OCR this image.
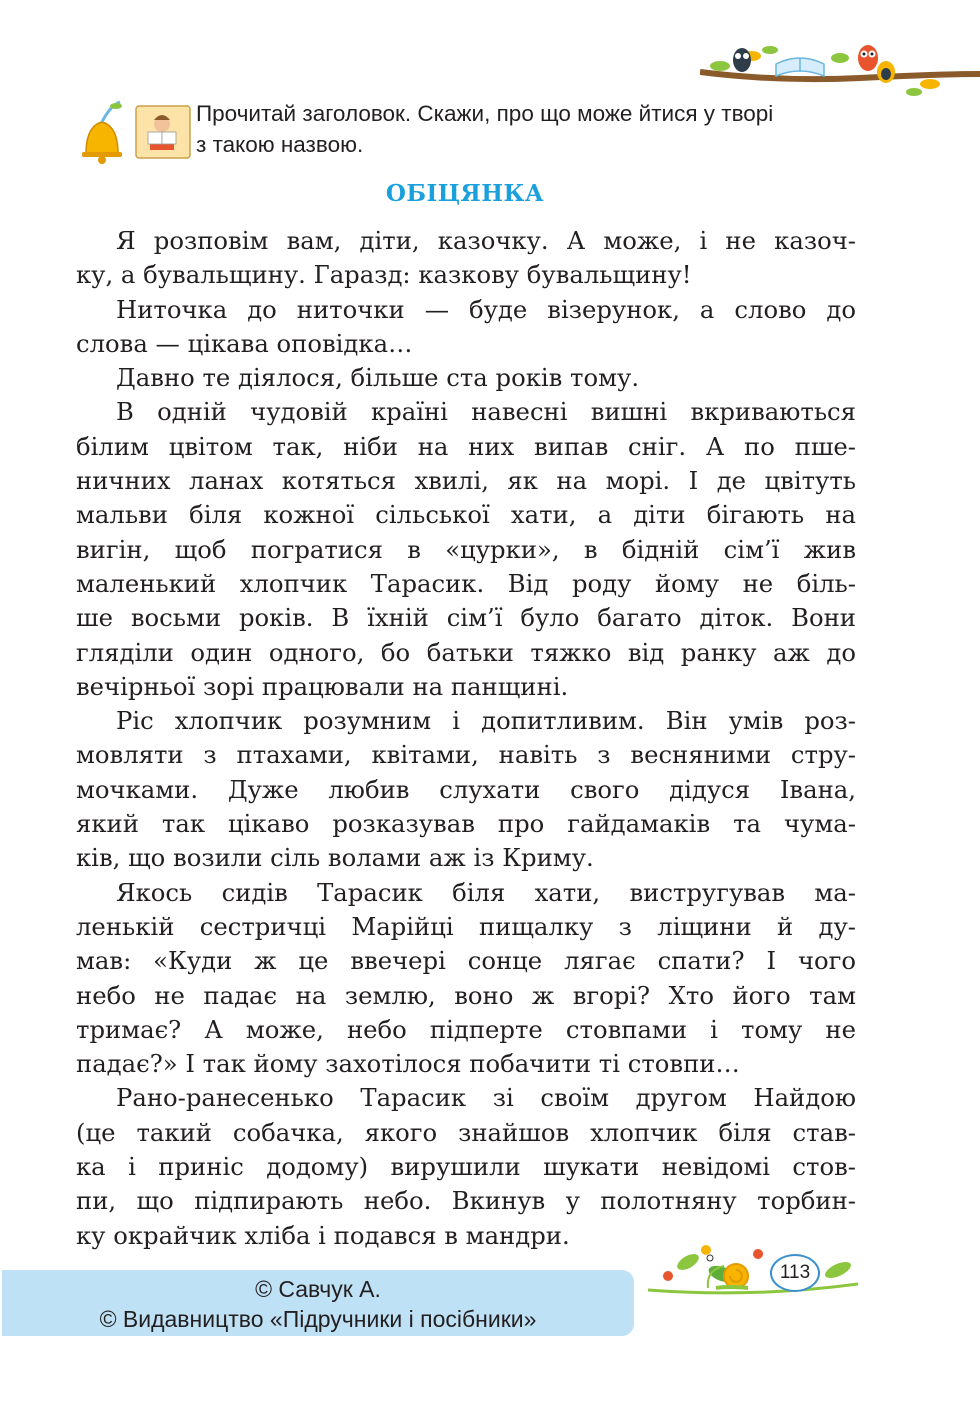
Прочитай заголовок. Скажи, про що може йтися у творі
з такою назвою.
ОБІЦЯНКА

Я розповім вам, діти, казочку. А може, і не казоч-
ку, а бувальщину. Гаразд: казкову бувальщину!

Ниточка до ниточки — буде візерунок, а слово до
слова — цікава оповідка…

Давно те діялося, більше ста років тому.

В одній чудовій країні навесні вишні вкриваються
білим цвітом так, ніби на них випав сніг. А по пше-
ничних ланах котяться хвилі, як на морі. І де цвітуть
мальви біля кожної сільської хати, а діти бігають на
вигін, щоб погратися в «цурки», в бідній сім’ї жив
маленький хлопчик Тарасик. Від роду йому не біль-
ше восьми років. В їхній сім’ї було багато діток. Вони
гляділи один одного, бо батьки тяжко від ранку аж до
вечірньої зорі працювали на панщині.

Ріс хлопчик розумним і допитливим. Він умів роз-
мовляти з птахами, квітами, навіть з весняними стру-
мочками. Дуже любив слухати свого дідуся Івана,
який так цікаво розказував про гайдамаків та чума-
ків, що возили сіль волами аж із Криму.

Якось сидів Тарасик біля хати, вистругував ма-
ленькій сестричці Марійці пищалку з ліщини й ду-
мав: «Куди ж це ввечері сонце лягає спати? І чого
небо не падає на землю, воно ж вгорі? Хто його там
тримає? А може, небо підперте стовпами і тому не
падає?» І так йому захотілося побачити ті стовпи…

Рано-ранесенько Тарасик зі своїм другом Найдою
(це такий собачка, якого знайшов хлопчик біля став-
ка і приніс додому) вирушили шукати невідомі стов-
пи, що підпирають небо. Вкинув у полотняну торбин-
ку окрайчик хліба і подався в мандри.

113
© Савчук А.
© Видавництво «Підручники і посібники»
